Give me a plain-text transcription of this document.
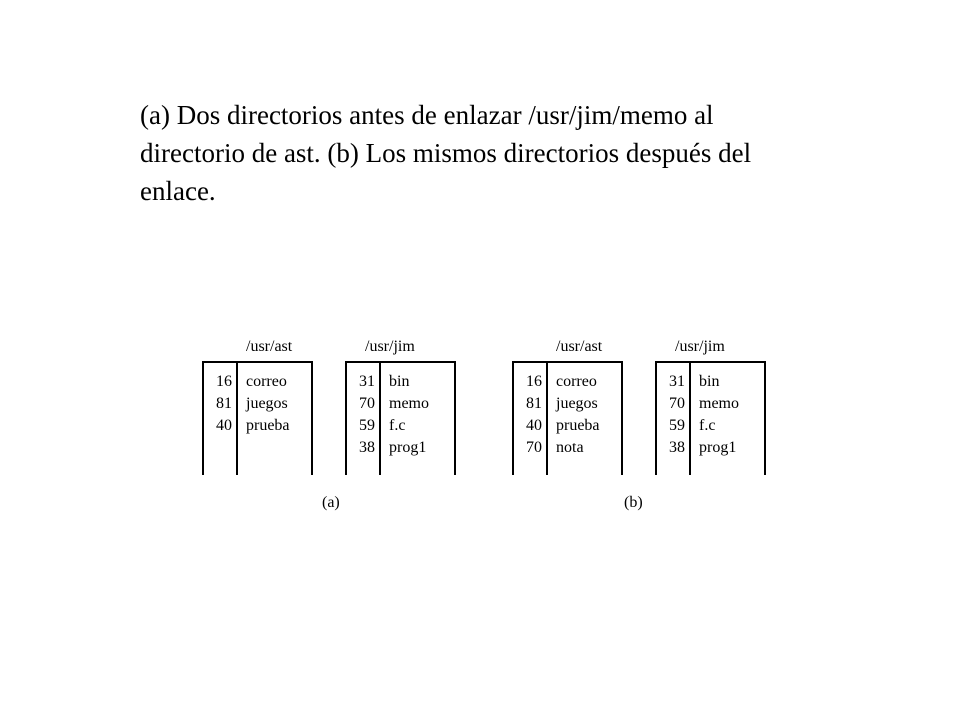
(a) Dos directorios antes de enlazar /usr/jim/memo al
directorio de ast. (b) Los mismos directorios después del
enlace.

/usr/ast
16 correo
81 juegos
40 prueba
/usr/jim
31 bin
70 memo
59 f.c
38 prog1
(a)
/usr/ast
16 correo
81 juegos
40 prueba
70 nota
/usr/jim
31 bin
70 memo
59 f.c
38 prog1
(b)
